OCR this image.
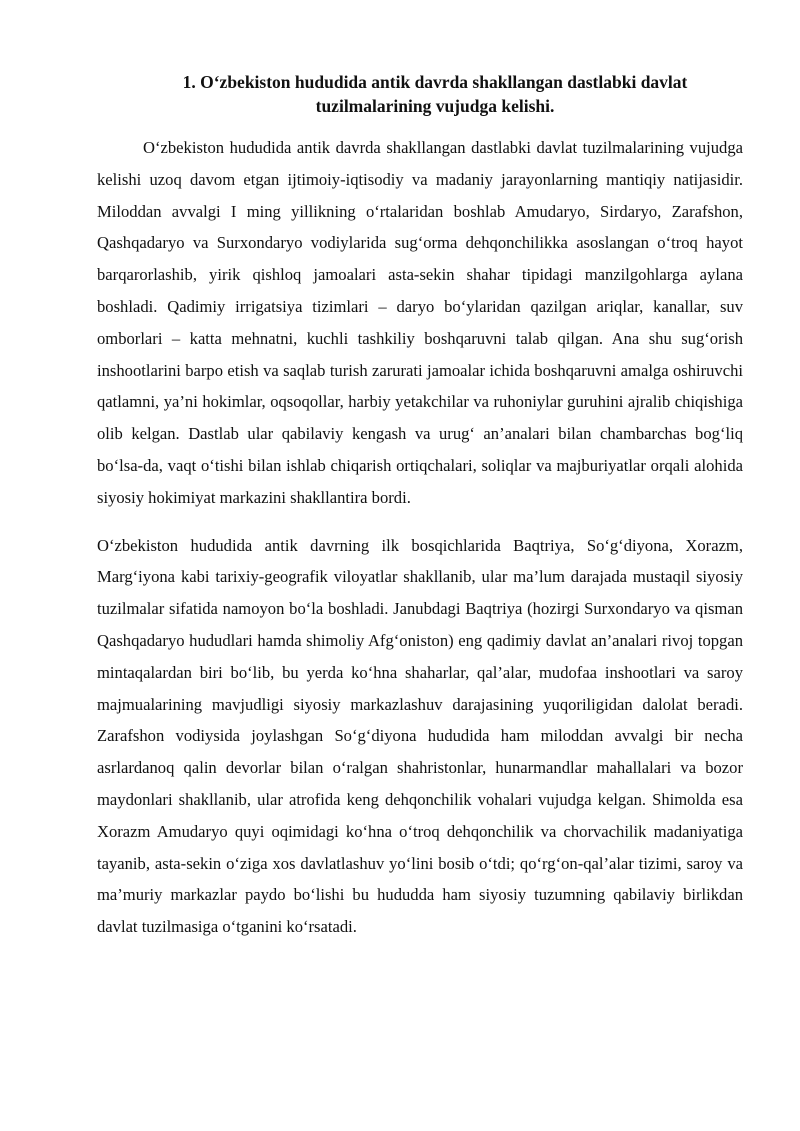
1. O‘zbekiston hududida antik davrda shakllangan dastlabki davlat
tuzilmalarining vujudga kelishi.

O‘zbekiston hududida antik davrda shakllangan dastlabki davlat tuzilmalarining vujudga kelishi uzoq davom etgan ijtimoiy-iqtisodiy va madaniy jarayonlarning mantiqiy natijasidir. Miloddan avvalgi I ming yillikning o‘rtalaridan boshlab Amudaryo, Sirdaryo, Zarafshon, Qashqadaryo va Surxondaryo vodiylarida sug‘orma dehqonchilikka asoslangan o‘troq hayot barqarorlashib, yirik qishloq jamoalari asta-sekin shahar tipidagi manzilgohlarga aylana boshladi. Qadimiy irrigatsiya tizimlari – daryo bo‘ylaridan qazilgan ariqlar, kanallar, suv omborlari – katta mehnatni, kuchli tashkiliy boshqaruvni talab qilgan. Ana shu sug‘orish inshootlarini barpo etish va saqlab turish zarurati jamoalar ichida boshqaruvni amalga oshiruvchi qatlamni, ya’ni hokimlar, oqsoqollar, harbiy yetakchilar va ruhoniylar guruhini ajralib chiqishiga olib kelgan. Dastlab ular qabilaviy kengash va urug‘ an’analari bilan chambarchas bog‘liq bo‘lsa-da, vaqt o‘tishi bilan ishlab chiqarish ortiqchalari, soliqlar va majburiyatlar orqali alohida siyosiy hokimiyat markazini shakllantira bordi.

O‘zbekiston hududida antik davrning ilk bosqichlarida Baqtriya, So‘g‘diyona, Xorazm, Marg‘iyona kabi tarixiy-geografik viloyatlar shakllanib, ular ma’lum darajada mustaqil siyosiy tuzilmalar sifatida namoyon bo‘la boshladi. Janubdagi Baqtriya (hozirgi Surxondaryo va qisman Qashqadaryo hududlari hamda shimoliy Afg‘oniston) eng qadimiy davlat an’analari rivoj topgan mintaqalardan biri bo‘lib, bu yerda ko‘hna shaharlar, qal’alar, mudofaa inshootlari va saroy majmualarining mavjudligi siyosiy markazlashuv darajasining yuqoriligidan dalolat beradi. Zarafshon vodiysida joylashgan So‘g‘diyona hududida ham miloddan avvalgi bir necha asrlardanoq qalin devorlar bilan o‘ralgan shahristonlar, hunarmandlar mahallalari va bozor maydonlari shakllanib, ular atrofida keng dehqonchilik vohalari vujudga kelgan. Shimolda esa Xorazm Amudaryo quyi oqimidagi ko‘hna o‘troq dehqonchilik va chorvachilik madaniyatiga tayanib, asta-sekin o‘ziga xos davlatlashuv yo‘lini bosib o‘tdi; qo‘rg‘on-qal’alar tizimi, saroy va ma’muriy markazlar paydo bo‘lishi bu hududda ham siyosiy tuzumning qabilaviy birlikdan davlat tuzilmasiga o‘tganini ko‘rsatadi.
